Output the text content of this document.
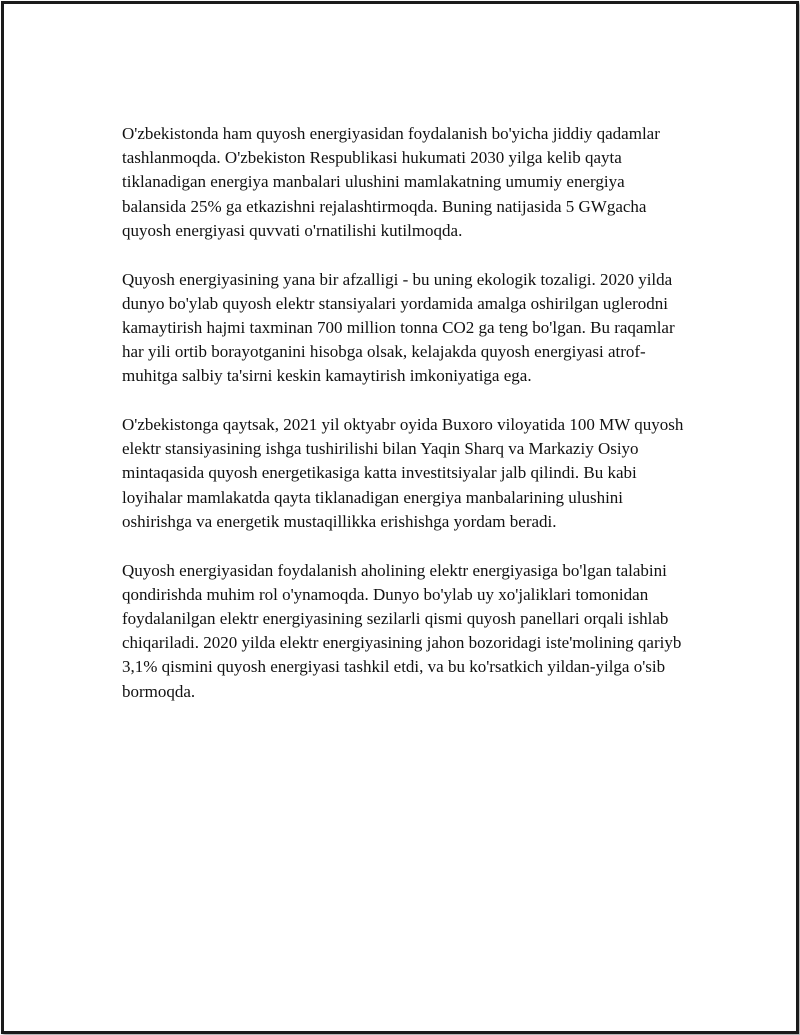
O'zbekistonda ham quyosh energiyasidan foydalanish bo'yicha jiddiy qadamlar tashlanmoqda. O'zbekiston Respublikasi hukumati 2030 yilga kelib qayta tiklanadigan energiya manbalari ulushini mamlakatning umumiy energiya balansida 25% ga etkazishni rejalashtirmoqda. Buning natijasida 5 GWgacha quyosh energiyasi quvvati o'rnatilishi kutilmoqda.

Quyosh energiyasining yana bir afzalligi - bu uning ekologik tozaligi. 2020 yilda dunyo bo'ylab quyosh elektr stansiyalari yordamida amalga oshirilgan uglerodni kamaytirish hajmi taxminan 700 million tonna CO2 ga teng bo'lgan. Bu raqamlar har yili ortib borayotganini hisobga olsak, kelajakda quyosh energiyasi atrof-muhitga salbiy ta'sirni keskin kamaytirish imkoniyatiga ega.

O'zbekistonga qaytsak, 2021 yil oktyabr oyida Buxoro viloyatida 100 MW quyosh elektr stansiyasining ishga tushirilishi bilan Yaqin Sharq va Markaziy Osiyo mintaqasida quyosh energetikasiga katta investitsiyalar jalb qilindi. Bu kabi loyihalar mamlakatda qayta tiklanadigan energiya manbalarining ulushini oshirishga va energetik mustaqillikka erishishga yordam beradi.

Quyosh energiyasidan foydalanish aholining elektr energiyasiga bo'lgan talabini qondirishda muhim rol o'ynamoqda. Dunyo bo'ylab uy xo'jaliklari tomonidan foydalanilgan elektr energiyasining sezilarli qismi quyosh panellari orqali ishlab chiqariladi. 2020 yilda elektr energiyasining jahon bozoridagi iste'molining qariyb 3,1% qismini quyosh energiyasi tashkil etdi, va bu ko'rsatkich yildan-yilga o'sib bormoqda.
